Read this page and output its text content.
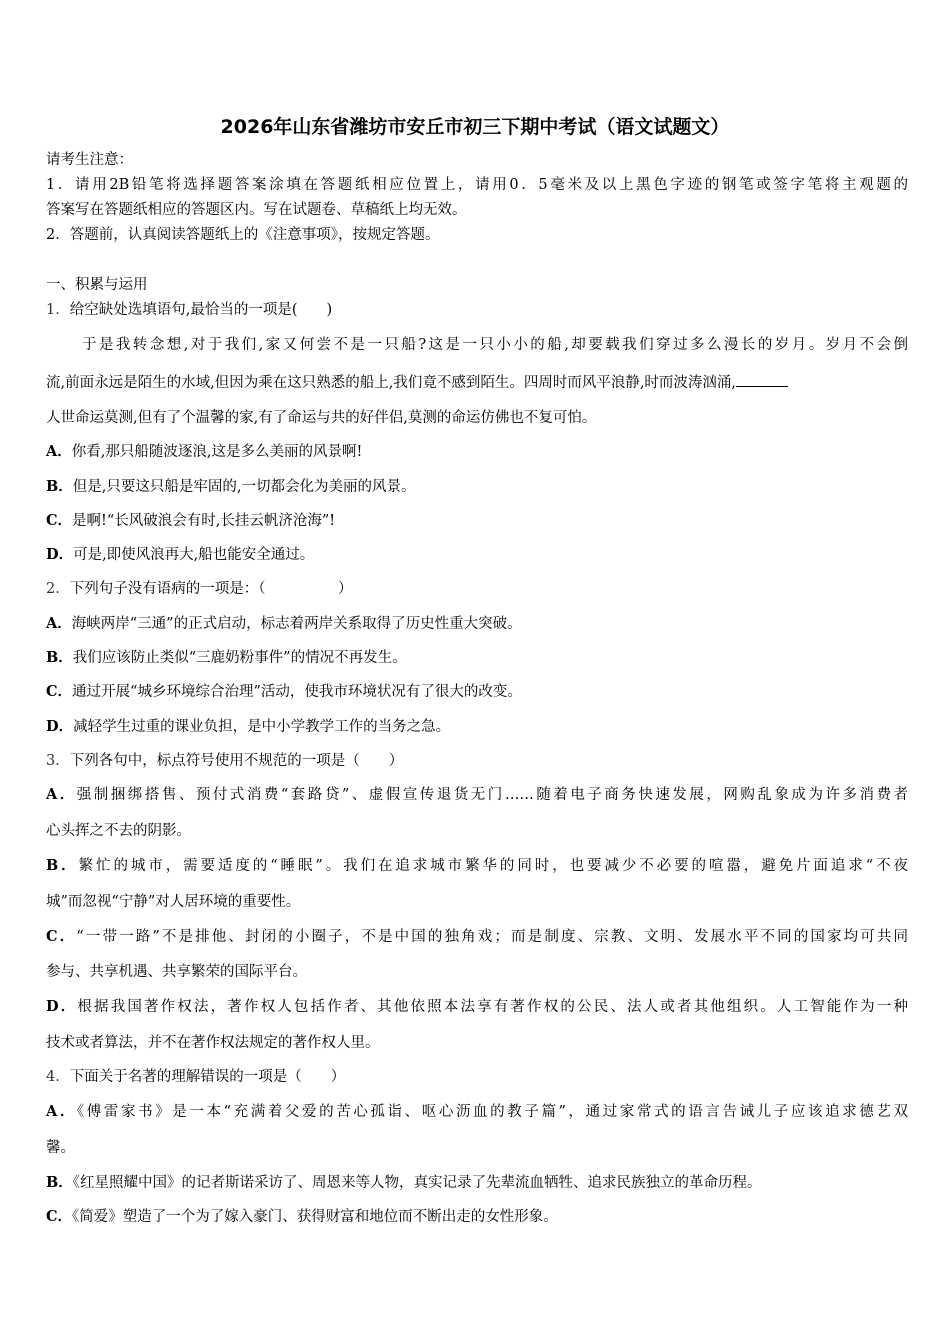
2026年山东省潍坊市安丘市初三下期中考试（语文试题文）
请考生注意：
1．请用2B铅笔将选择题答案涂填在答题纸相应位置上，请用0．5毫米及以上黑色字迹的钢笔或签字笔将主观题的
答案写在答题纸相应的答题区内。写在试题卷、草稿纸上均无效。
2．答题前，认真阅读答题纸上的《注意事项》，按规定答题。
一、积累与运用
1．给空缺处选填语句,最恰当的一项是(　　)
于是我转念想,对于我们,家又何尝不是一只船?这是一只小小的船,却要载我们穿过多么漫长的岁月。岁月不会倒
流,前面永远是陌生的水域,但因为乘在这只熟悉的船上,我们竟不感到陌生。四周时而风平浪静,时而波涛汹涌,
人世命运莫测,但有了个温馨的家,有了命运与共的好伴侣,莫测的命运仿佛也不复可怕。
A．你看,那只船随波逐浪,这是多么美丽的风景啊!
B．但是,只要这只船是牢固的,一切都会化为美丽的风景。
C．是啊!“长风破浪会有时,长挂云帆济沧海”!
D．可是,即使风浪再大,船也能安全通过。
2．下列句子没有语病的一项是：（　　　　　）
A．海峡两岸“三通”的正式启动，标志着两岸关系取得了历史性重大突破。
B．我们应该防止类似“三鹿奶粉事件”的情况不再发生。
C．通过开展“城乡环境综合治理”活动，使我市环境状况有了很大的改变。
D．减轻学生过重的课业负担，是中小学教学工作的当务之急。
3．下列各句中，标点符号使用不规范的一项是（　　）
A．强制捆绑搭售、预付式消费“套路贷”、虚假宣传退货无门……随着电子商务快速发展，网购乱象成为许多消费者
心头挥之不去的阴影。
B．繁忙的城市，需要适度的“睡眠”。我们在追求城市繁华的同时，也要减少不必要的喧嚣，避免片面追求“不夜
城”而忽视“宁静”对人居环境的重要性。
C．“一带一路”不是排他、封闭的小圈子，不是中国的独角戏；而是制度、宗教、文明、发展水平不同的国家均可共同
参与、共享机遇、共享繁荣的国际平台。
D．根据我国著作权法，著作权人包括作者、其他依照本法享有著作权的公民、法人或者其他组织。人工智能作为一种
技术或者算法，并不在著作权法规定的著作权人里。
4．下面关于名著的理解错误的一项是（　　）
A．《傅雷家书》是一本“充满着父爱的苦心孤诣、呕心沥血的教子篇”，通过家常式的语言告诫儿子应该追求德艺双
馨。
B．《红星照耀中国》的记者斯诺采访了、周恩来等人物，真实记录了先辈流血牺牲、追求民族独立的革命历程。
C．《简爱》塑造了一个为了嫁入豪门、获得财富和地位而不断出走的女性形象。
